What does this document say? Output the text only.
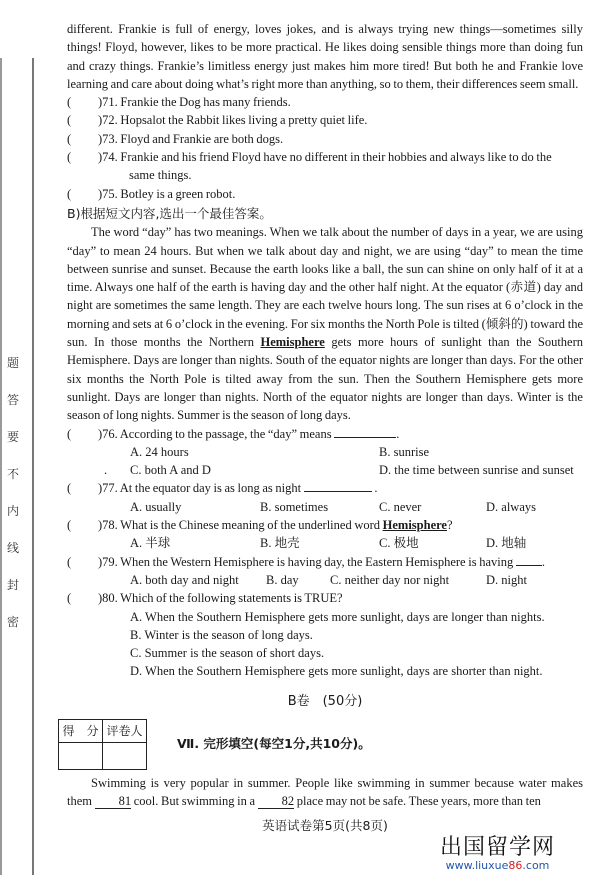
题
答
要
不
内
线
封
密

different. Frankie is full of energy, loves jokes, and is always trying new things—sometimes silly things! Floyd, however, likes to be more practical. He likes doing sensible things more than doing fun and crazy things. Frankie’s limitless energy just makes him more tired! But both he and Frankie love learning and care about doing what’s right more than anything, so to them, their differences seem small.

(	)71. Frankie the Dog has many friends.
(	)72. Hopsalot the Rabbit likes living a pretty quiet life.
(	)73. Floyd and Frankie are both dogs.
(	)74. Frankie and his friend Floyd have no different in their hobbies and always like to do the
same things.
(	)75. Botley is a green robot.
B)根据短文内容,选出一个最佳答案。

The word “day” has two meanings. When we talk about the number of days in a year, we are using “day” to mean 24 hours. But when we talk about day and night, we are using “day” to mean the time between sunrise and sunset. Because the earth looks like a ball, the sun can shine on only half of it at a time. Always one half of the earth is having day and the other half night. At the equator (赤道) day and night are sometimes the same length. They are each twelve hours long. The sun rises at 6 o’clock in the morning and sets at 6 o’clock in the evening. For six months the North Pole is tilted (倾斜的) toward the sun. In those months the Northern Hemisphere gets more hours of sunlight than the Southern Hemisphere. Days are longer than nights. South of the equator nights are longer than days. For the other six months the North Pole is tilted away from the sun. Then the Southern Hemisphere gets more sunlight. Days are longer than nights. North of the equator nights are longer than days. Winter is the season of long nights. Summer is the season of long days.

(	)76. According to the passage, the “day” means	.
A. 24 hours	B. sunrise
.	C. both A and D	D. the time between sunrise and sunset
(	)77. At the equator day is as long as night	.
A. usually	B. sometimes	C. never	D. always
(	)78. What is the Chinese meaning of the underlined word Hemisphere?
A. 半球	B. 地壳	C. 极地	D. 地轴
(	)79. When the Western Hemisphere is having day, the Eastern Hemisphere is having .
A. both day and night	B. day	C. neither day nor night	D. night
(	)80. Which of the following statements is TRUE?
A. When the Southern Hemisphere gets more sunlight, days are longer than nights.
B. Winter is the season of long days.
C. Summer is the season of short days.
D. When the Southern Hemisphere gets more sunlight, days are shorter than night.
B卷　(50分)
得　分	评卷人

Ⅶ. 完形填空(每空1分,共10分)。

Swimming is very popular in summer. People like swimming in summer because water makes them 81 cool. But swimming in a 82 place may not be safe. These years, more than ten

英语试卷第5页(共8页)
出国留学网
www.liuxue86.com
